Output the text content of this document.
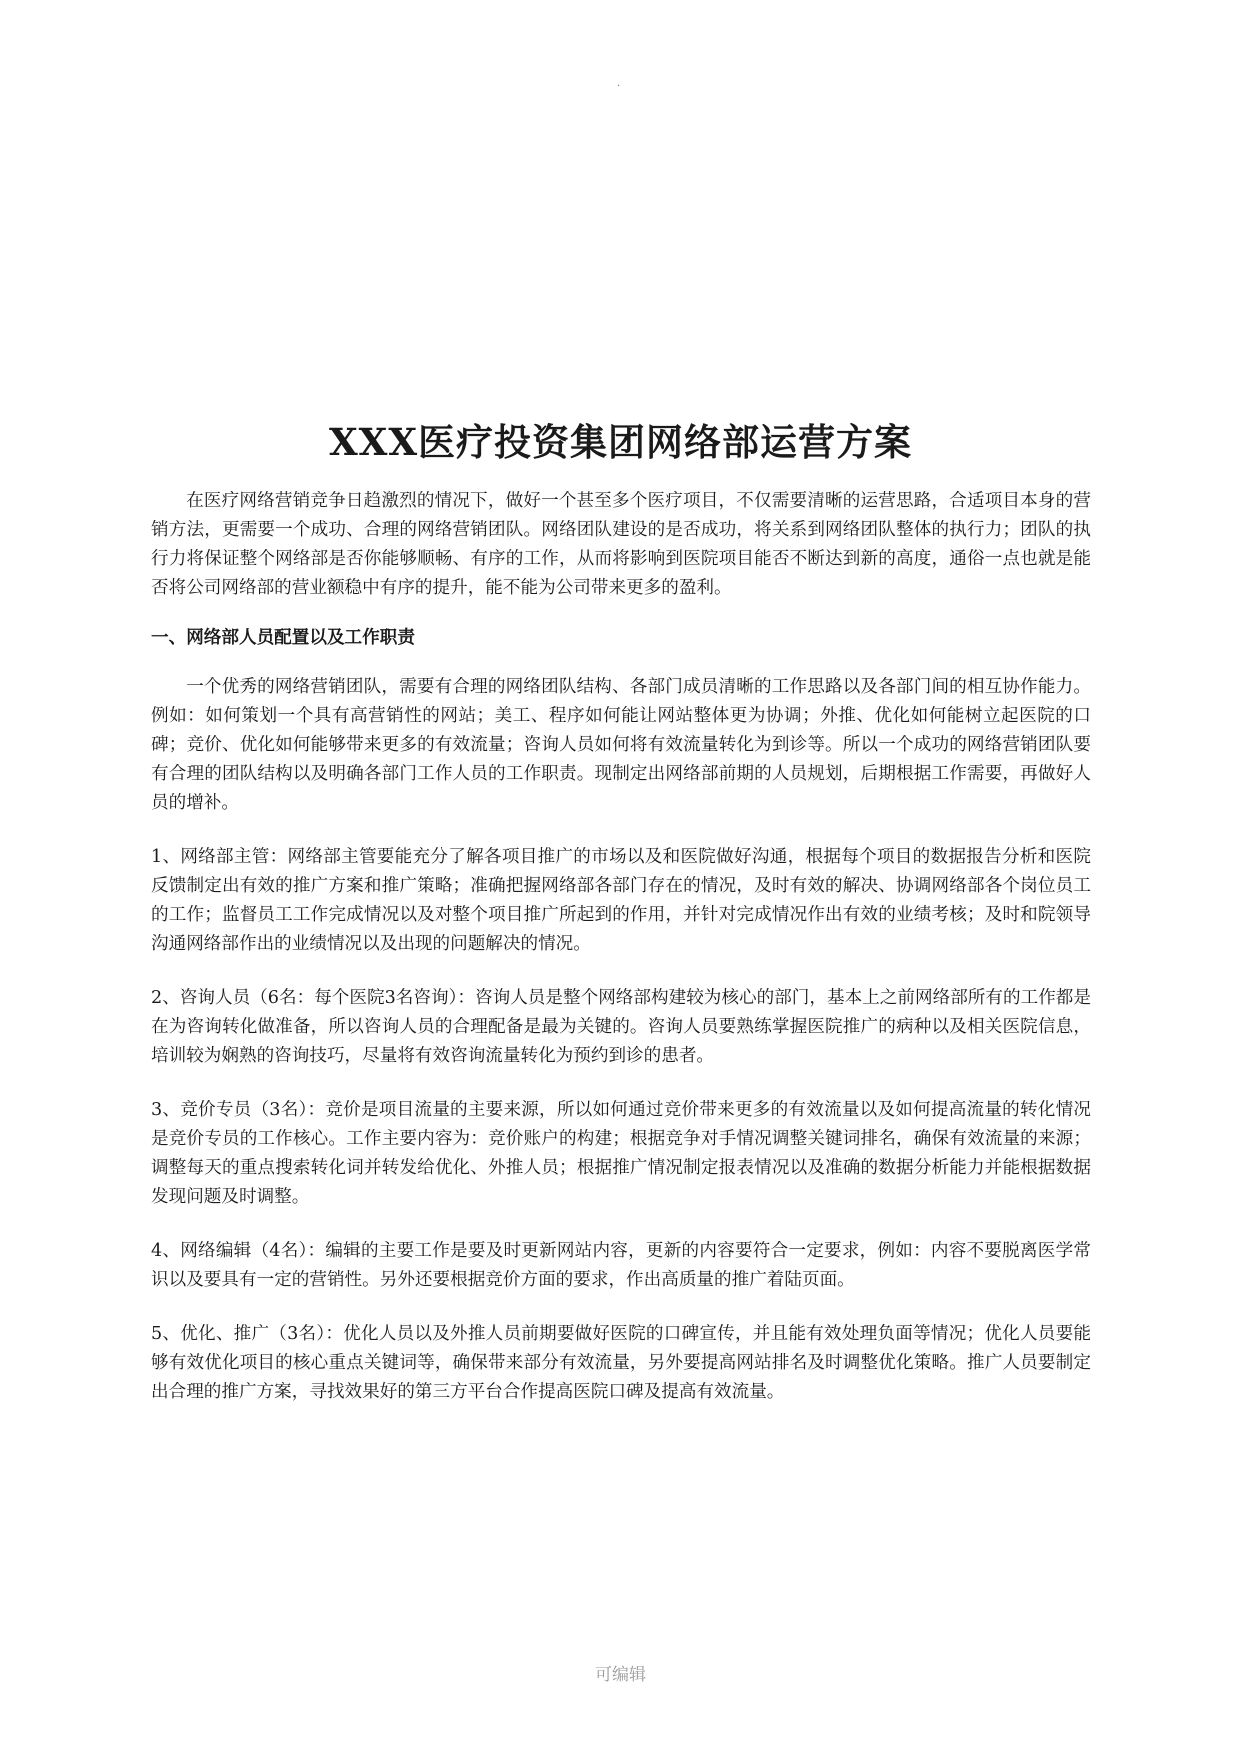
.
XXX医疗投资集团网络部运营方案

在医疗网络营销竞争日趋激烈的情况下，做好一个甚至多个医疗项目，不仅需要清晰的运营思路，合适项目本身的营销方法，更需要一个成功、合理的网络营销团队。网络团队建设的是否成功，将关系到网络团队整体的执行力；团队的执行力将保证整个网络部是否你能够顺畅、有序的工作，从而将影响到医院项目能否不断达到新的高度，通俗一点也就是能否将公司网络部的营业额稳中有序的提升，能不能为公司带来更多的盈利。

一、网络部人员配置以及工作职责

一个优秀的网络营销团队，需要有合理的网络团队结构、各部门成员清晰的工作思路以及各部门间的相互协作能力。例如：如何策划一个具有高营销性的网站；美工、程序如何能让网站整体更为协调；外推、优化如何能树立起医院的口碑；竞价、优化如何能够带来更多的有效流量；咨询人员如何将有效流量转化为到诊等。所以一个成功的网络营销团队要有合理的团队结构以及明确各部门工作人员的工作职责。现制定出网络部前期的人员规划，后期根据工作需要，再做好人员的增补。

1、网络部主管：网络部主管要能充分了解各项目推广的市场以及和医院做好沟通，根据每个项目的数据报告分析和医院反馈制定出有效的推广方案和推广策略；准确把握网络部各部门存在的情况，及时有效的解决、协调网络部各个岗位员工的工作；监督员工工作完成情况以及对整个项目推广所起到的作用，并针对完成情况作出有效的业绩考核；及时和院领导沟通网络部作出的业绩情况以及出现的问题解决的情况。

2、咨询人员（6名：每个医院3名咨询）：咨询人员是整个网络部构建较为核心的部门，基本上之前网络部所有的工作都是在为咨询转化做准备，所以咨询人员的合理配备是最为关键的。咨询人员要熟练掌握医院推广的病种以及相关医院信息，培训较为娴熟的咨询技巧，尽量将有效咨询流量转化为预约到诊的患者。

3、竞价专员（3名）：竞价是项目流量的主要来源，所以如何通过竞价带来更多的有效流量以及如何提高流量的转化情况是竞价专员的工作核心。工作主要内容为：竞价账户的构建；根据竞争对手情况调整关键词排名，确保有效流量的来源；调整每天的重点搜索转化词并转发给优化、外推人员；根据推广情况制定报表情况以及准确的数据分析能力并能根据数据发现问题及时调整。

4、网络编辑（4名）：编辑的主要工作是要及时更新网站内容，更新的内容要符合一定要求，例如：内容不要脱离医学常识以及要具有一定的营销性。另外还要根据竞价方面的要求，作出高质量的推广着陆页面。

5、优化、推广（3名）：优化人员以及外推人员前期要做好医院的口碑宣传，并且能有效处理负面等情况；优化人员要能够有效优化项目的核心重点关键词等，确保带来部分有效流量，另外要提高网站排名及时调整优化策略。推广人员要制定出合理的推广方案，寻找效果好的第三方平台合作提高医院口碑及提高有效流量。

可编辑
